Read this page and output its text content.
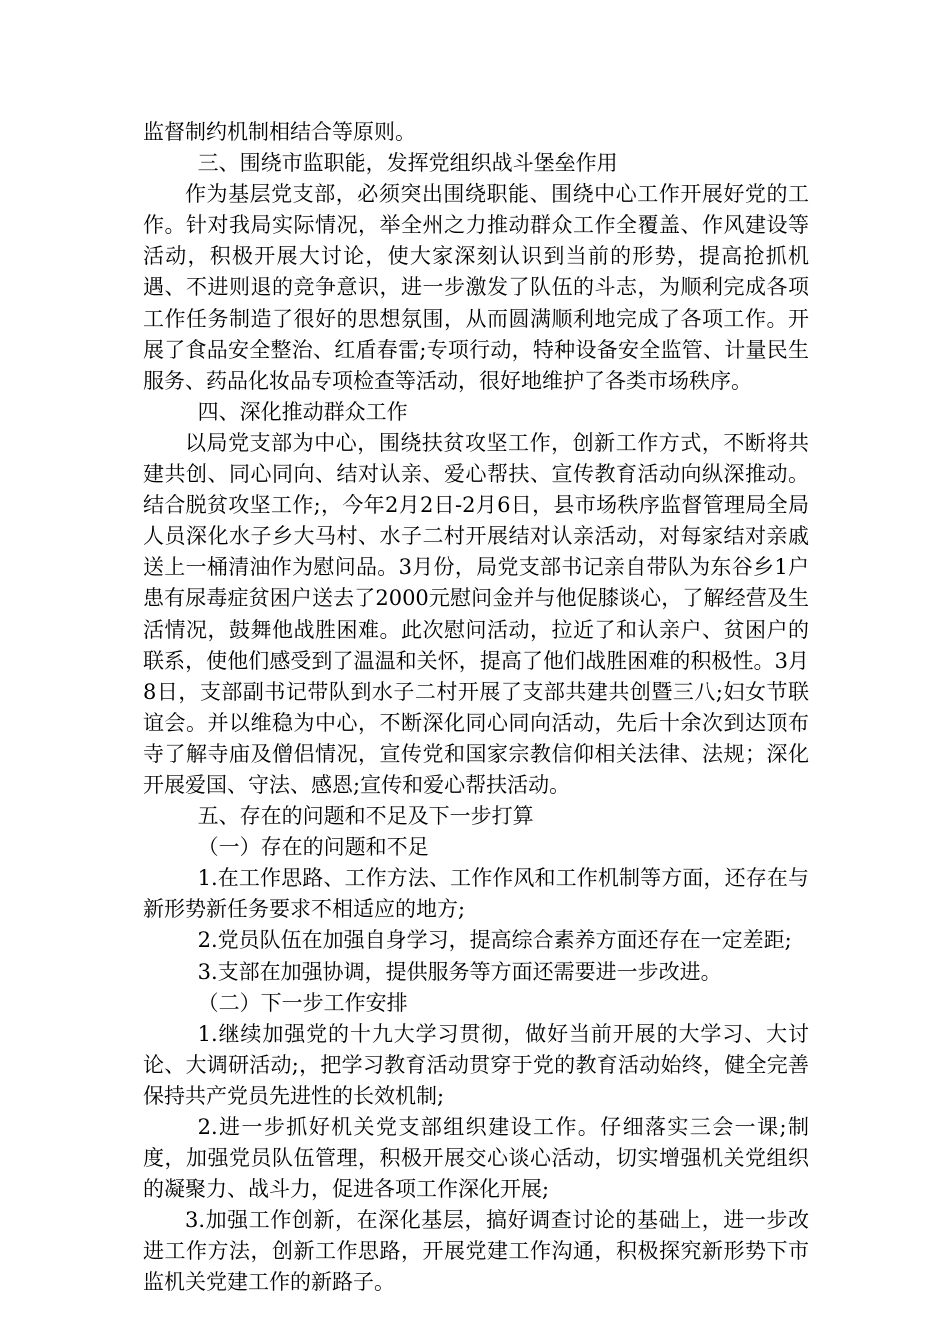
监督制约机制相结合等原则。

三、围绕市监职能，发挥党组织战斗堡垒作用

作为基层党支部，必须突出围绕职能、围绕中心工作开展好党的工作。针对我局实际情况，举全州之力推动群众工作全覆盖、作风建设等活动，积极开展大讨论，使大家深刻认识到当前的形势，提高抢抓机遇、不进则退的竞争意识，进一步激发了队伍的斗志，为顺利完成各项工作任务制造了很好的思想氛围，从而圆满顺利地完成了各项工作。开展了食品安全整治、红盾春雷;专项行动，特种设备安全监管、计量民生服务、药品化妆品专项检查等活动，很好地维护了各类市场秩序。

四、深化推动群众工作

以局党支部为中心，围绕扶贫攻坚工作，创新工作方式，不断将共建共创、同心同向、结对认亲、爱心帮扶、宣传教育活动向纵深推动。结合脱贫攻坚工作;，今年2月2日-2月6日，县市场秩序监督管理局全局人员深化水子乡大马村、水子二村开展结对认亲活动，对每家结对亲戚送上一桶清油作为慰问品。3月份，局党支部书记亲自带队为东谷乡1户患有尿毒症贫困户送去了2000元慰问金并与他促膝谈心，了解经营及生活情况，鼓舞他战胜困难。此次慰问活动，拉近了和认亲户、贫困户的联系，使他们感受到了温温和关怀，提高了他们战胜困难的积极性。3月8日，支部副书记带队到水子二村开展了支部共建共创暨三八;妇女节联谊会。并以维稳为中心，不断深化同心同向活动，先后十余次到达顶布寺了解寺庙及僧侣情况，宣传党和国家宗教信仰相关法律、法规；深化开展爱国、守法、感恩;宣传和爱心帮扶活动。

五、存在的问题和不足及下一步打算

（一）存在的问题和不足

1.在工作思路、工作方法、工作作风和工作机制等方面，还存在与新形势新任务要求不相适应的地方;

2.党员队伍在加强自身学习，提高综合素养方面还存在一定差距;

3.支部在加强协调，提供服务等方面还需要进一步改进。

（二）下一步工作安排

1.继续加强党的十九大学习贯彻，做好当前开展的大学习、大讨论、大调研活动;，把学习教育活动贯穿于党的教育活动始终，健全完善保持共产党员先进性的长效机制;

2.进一步抓好机关党支部组织建设工作。仔细落实三会一课;制度，加强党员队伍管理，积极开展交心谈心活动，切实增强机关党组织的凝聚力、战斗力，促进各项工作深化开展;

3.加强工作创新，在深化基层，搞好调查讨论的基础上，进一步改进工作方法，创新工作思路，开展党建工作沟通，积极探究新形势下市监机关党建工作的新路子。
